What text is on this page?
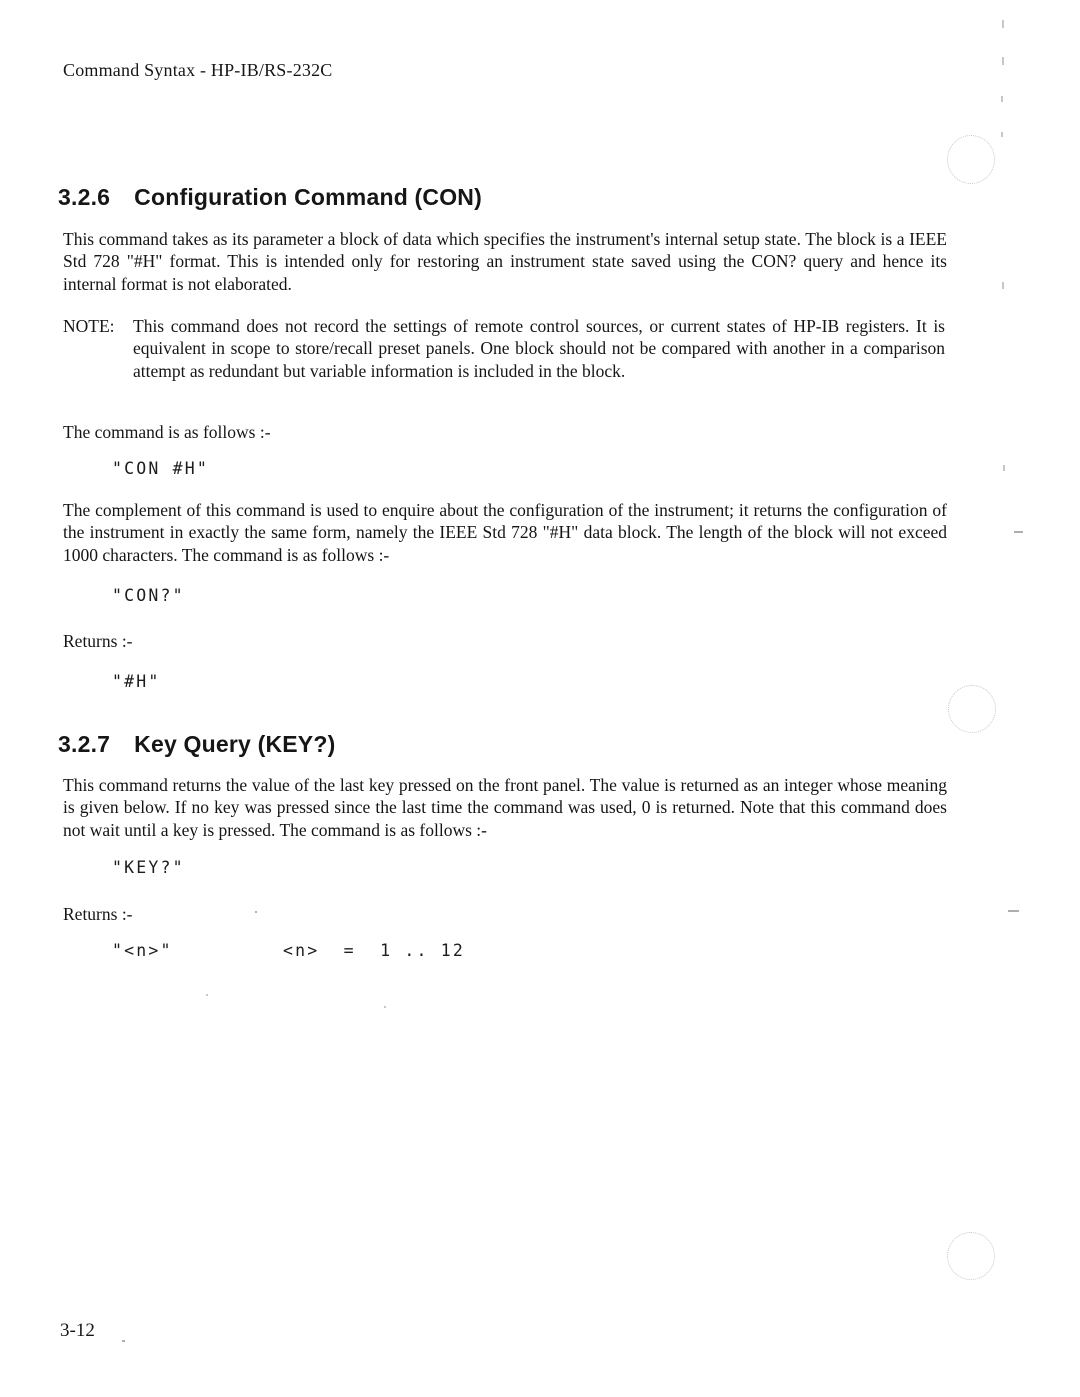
Command Syntax - HP-IB/RS-232C
3.2.6 Configuration Command (CON)
This command takes as its parameter a block of data which specifies the instrument's internal setup state. The block is a IEEE Std 728 "#H" format. This is intended only for restoring an instrument state saved using the CON? query and hence its internal format is not elaborated.
NOTE:	This command does not record the settings of remote control sources, or current states of HP-IB registers. It is equivalent in scope to store/recall preset panels. One block should not be compared with another in a comparison attempt as redundant but variable information is included in the block.
The command is as follows :-
"CON #H"
The complement of this command is used to enquire about the configuration of the instrument; it returns the configuration of the instrument in exactly the same form, namely the IEEE Std 728 "#H" data block. The length of the block will not exceed 1000 characters. The command is as follows :-
"CON?"
Returns :-
"#H"
3.2.7 Key Query (KEY?)
This command returns the value of the last key pressed on the front panel. The value is returned as an integer whose meaning is given below. If no key was pressed since the last time the command was used, 0 is returned. Note that this command does not wait until a key is pressed. The command is as follows :-
"KEY?"
Returns :-
"<n>"	<n>  =  1 .. 12
3-12
